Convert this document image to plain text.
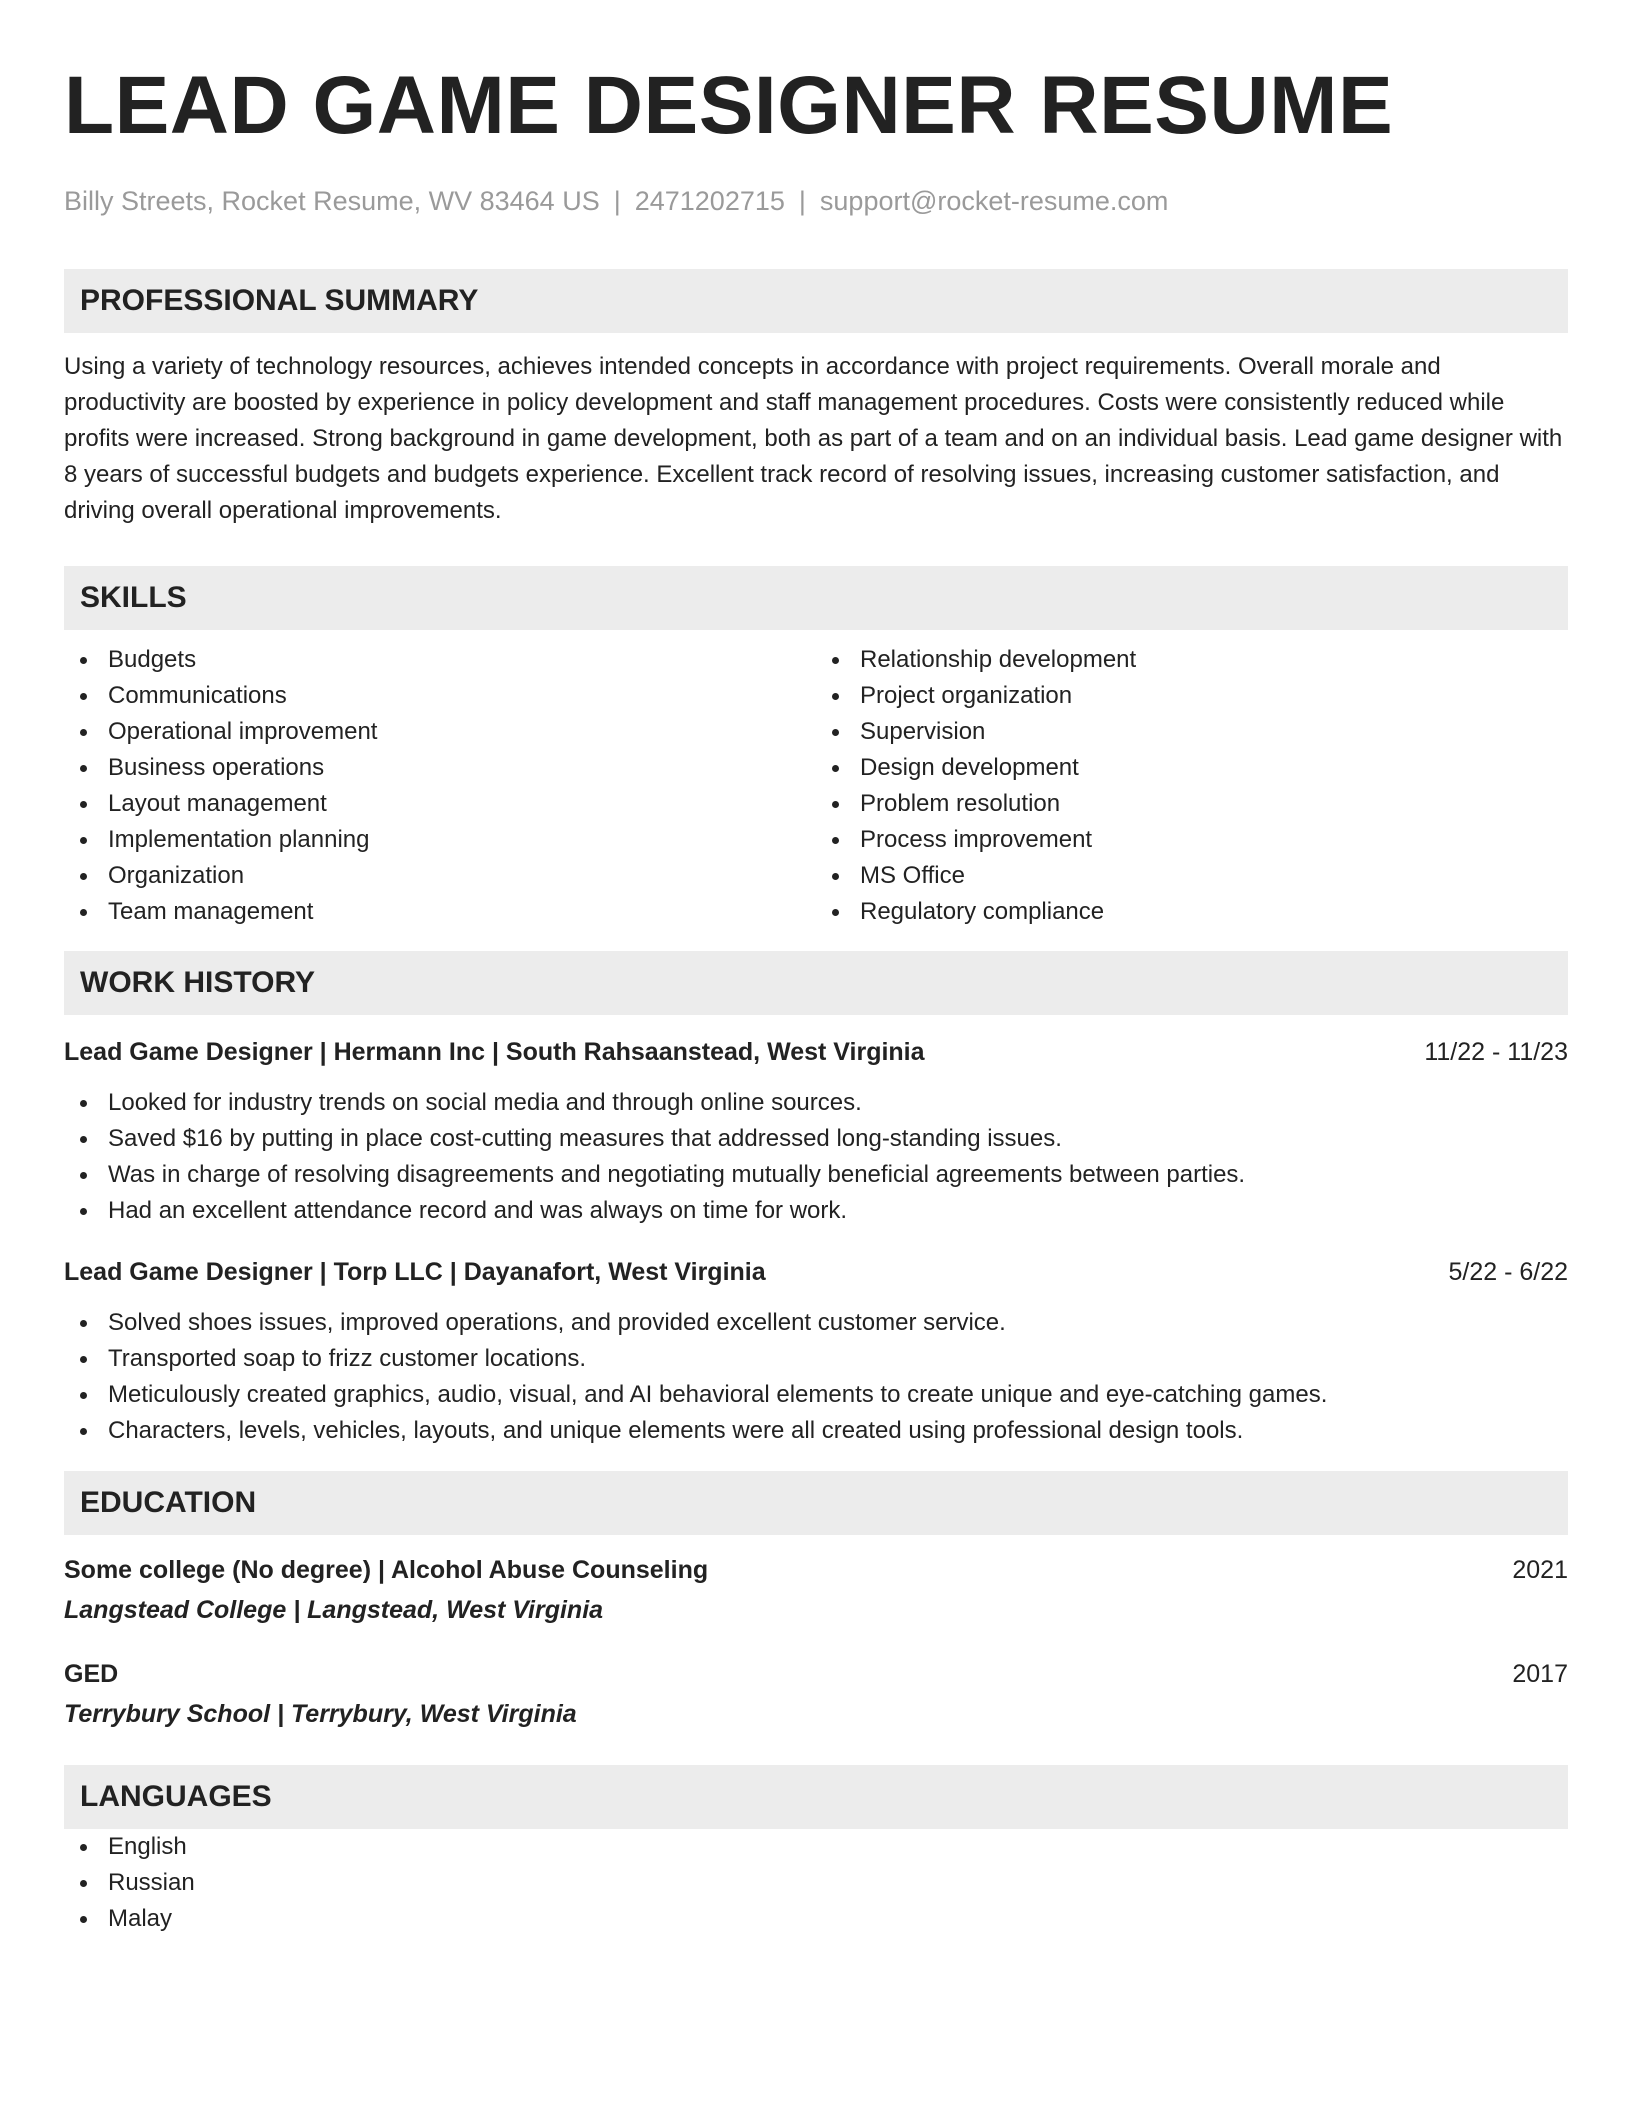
LEAD GAME DESIGNER RESUME
Billy Streets, Rocket Resume, WV 83464 US | 2471202715 | support@rocket-resume.com
PROFESSIONAL SUMMARY

Using a variety of technology resources, achieves intended concepts in accordance with project requirements. Overall morale and productivity are boosted by experience in policy development and staff management procedures. Costs were consistently reduced while profits were increased. Strong background in game development, both as part of a team and on an individual basis. Lead game designer with 8 years of successful budgets and budgets experience. Excellent track record of resolving issues, increasing customer satisfaction, and driving overall operational improvements.

SKILLS
Budgets
Communications
Operational improvement
Business operations
Layout management
Implementation planning
Organization
Team management
Relationship development
Project organization
Supervision
Design development
Problem resolution
Process improvement
MS Office
Regulatory compliance
WORK HISTORY
Lead Game Designer | Hermann Inc | South Rahsaanstead, West Virginia	11/22 - 11/23
Looked for industry trends on social media and through online sources.
Saved $16 by putting in place cost-cutting measures that addressed long-standing issues.
Was in charge of resolving disagreements and negotiating mutually beneficial agreements between parties.
Had an excellent attendance record and was always on time for work.
Lead Game Designer | Torp LLC | Dayanafort, West Virginia	5/22 - 6/22
Solved shoes issues, improved operations, and provided excellent customer service.
Transported soap to frizz customer locations.
Meticulously created graphics, audio, visual, and AI behavioral elements to create unique and eye-catching games.
Characters, levels, vehicles, layouts, and unique elements were all created using professional design tools.
EDUCATION
Some college (No degree) | Alcohol Abuse Counseling	2021
Langstead College | Langstead, West Virginia
GED	2017
Terrybury School | Terrybury, West Virginia
LANGUAGES
English
Russian
Malay
